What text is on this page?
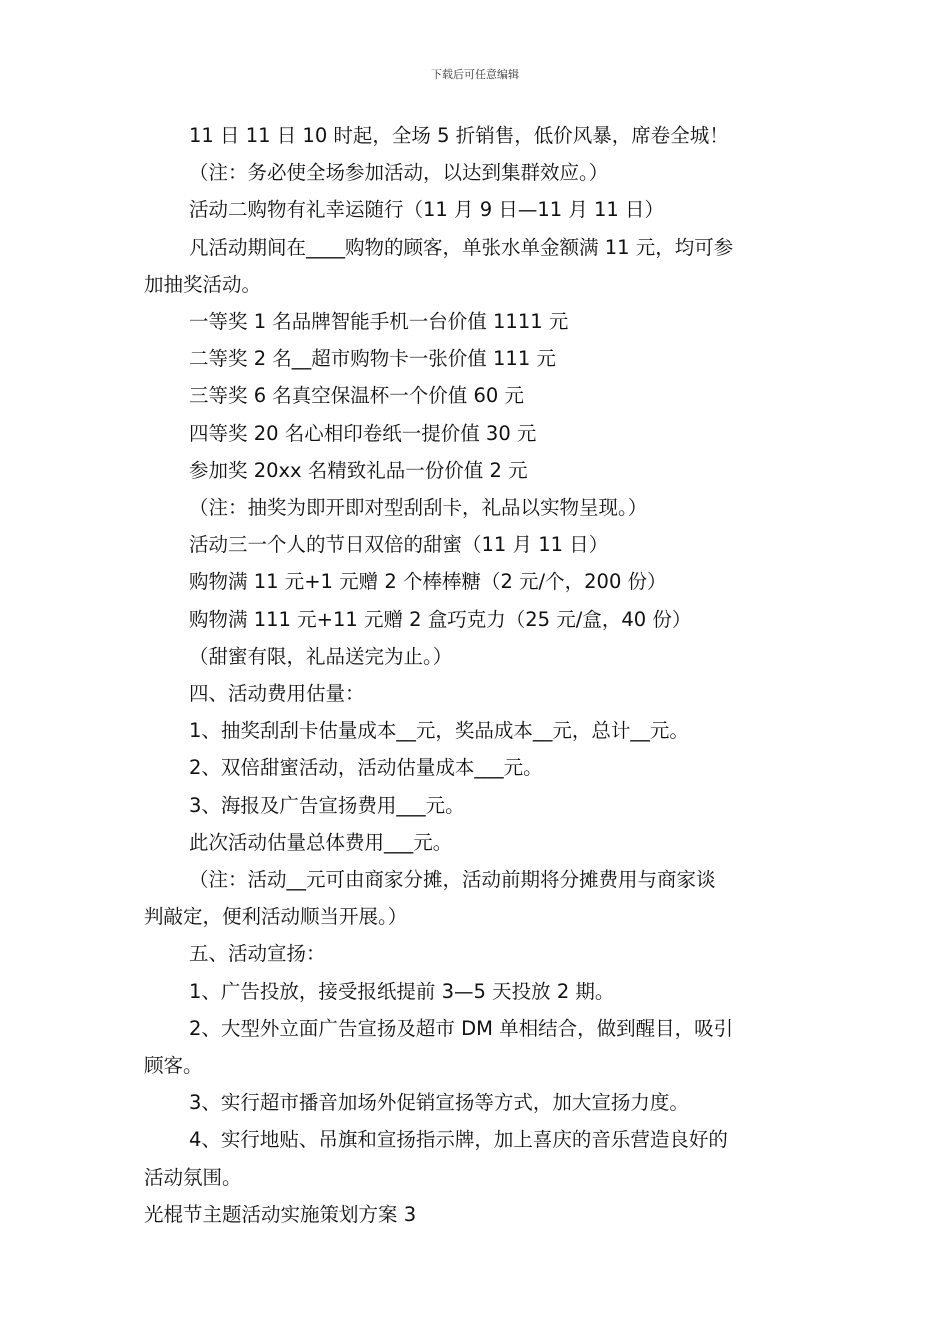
下载后可任意编辑

11 日 11 日 10 时起，全场 5 折销售，低价风暴，席卷全城！

（注：务必使全场参加活动，以达到集群效应。）

活动二购物有礼幸运随行（11 月 9 日—11 月 11 日）

凡活动期间在____购物的顾客，单张水单金额满 11 元，均可参

加抽奖活动。

一等奖 1 名品牌智能手机一台价值 1111 元

二等奖 2 名__超市购物卡一张价值 111 元

三等奖 6 名真空保温杯一个价值 60 元

四等奖 20 名心相印卷纸一提价值 30 元

参加奖 20xx 名精致礼品一份价值 2 元

（注：抽奖为即开即对型刮刮卡，礼品以实物呈现。）

活动三一个人的节日双倍的甜蜜（11 月 11 日）

购物满 11 元+1 元赠 2 个棒棒糖（2 元/个，200 份）

购物满 111 元+11 元赠 2 盒巧克力（25 元/盒，40 份）

（甜蜜有限，礼品送完为止。）

四、活动费用估量：

1、抽奖刮刮卡估量成本__元，奖品成本__元，总计__元。

2、双倍甜蜜活动，活动估量成本___元。

3、海报及广告宣扬费用___元。

此次活动估量总体费用___元。

（注：活动__元可由商家分摊，活动前期将分摊费用与商家谈

判敲定，便利活动顺当开展。）

五、活动宣扬：

1、广告投放，接受报纸提前 3—5 天投放 2 期。

2、大型外立面广告宣扬及超市 DM 单相结合，做到醒目，吸引

顾客。

3、实行超市播音加场外促销宣扬等方式，加大宣扬力度。

4、实行地贴、吊旗和宣扬指示牌，加上喜庆的音乐营造良好的

活动氛围。

光棍节主题活动实施策划方案 3
